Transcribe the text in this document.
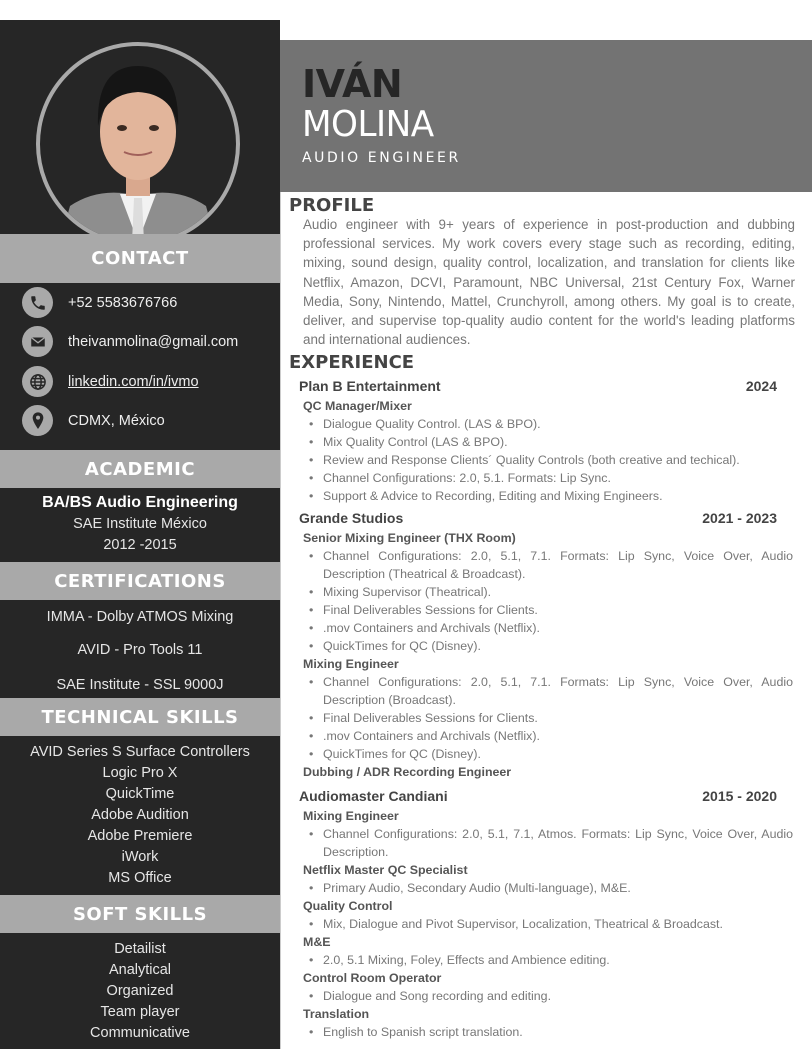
CONTACT
+52 5583676766
theivanmolina@gmail.com
linkedin.com/in/ivmo
CDMX, México
ACADEMIC
BA/BS Audio Engineering
SAE Institute México
2012 -2015
CERTIFICATIONS
IMMA - Dolby ATMOS Mixing
AVID - Pro Tools 11
SAE Institute - SSL 9000J
TECHNICAL SKILLS
AVID Series S Surface Controllers
Logic Pro X
QuickTime
Adobe Audition
Adobe Premiere
iWork
MS Office
SOFT SKILLS
Detailist
Analytical
Organized
Team player
Communicative
IVÁN
MOLINA
AUDIO ENGINEER
PROFILE
Audio engineer with 9+ years of experience in post-production and dubbing professional services. My work covers every stage such as recording, editing, mixing, sound design, quality control, localization, and translation for clients like Netflix, Amazon, DCVI, Paramount, NBC Universal, 21st Century Fox, Warner Media, Sony, Nintendo, Mattel, Crunchyroll, among others. My goal is to create, deliver, and supervise top-quality audio content for the world's leading platforms and international audiences.
EXPERIENCE
Plan B Entertainment	2024
QC Manager/Mixer
• Dialogue Quality Control. (LAS & BPO).
• Mix Quality Control (LAS & BPO).
• Review and Response Clients´ Quality Controls (both creative and techical).
• Channel Configurations: 2.0, 5.1. Formats: Lip Sync.
• Support & Advice to Recording, Editing and Mixing Engineers.
Grande Studios	2021 - 2023
Senior Mixing Engineer (THX Room)
• Channel Configurations: 2.0, 5.1, 7.1. Formats: Lip Sync, Voice Over, Audio Description (Theatrical & Broadcast).
• Mixing Supervisor (Theatrical).
• Final Deliverables Sessions for Clients.
• .mov Containers and Archivals (Netflix).
• QuickTimes for QC (Disney).
Mixing Engineer
• Channel Configurations: 2.0, 5.1, 7.1. Formats: Lip Sync, Voice Over, Audio Description (Broadcast).
• Final Deliverables Sessions for Clients.
• .mov Containers and Archivals (Netflix).
• QuickTimes for QC (Disney).
Dubbing / ADR Recording Engineer
Audiomaster Candiani	2015 - 2020
Mixing Engineer
• Channel Configurations: 2.0, 5.1, 7.1, Atmos. Formats: Lip Sync, Voice Over, Audio Description.
Netflix Master QC Specialist
• Primary Audio, Secondary Audio (Multi-language), M&E.
Quality Control
• Mix, Dialogue and Pivot Supervisor, Localization, Theatrical & Broadcast.
M&E
• 2.0, 5.1 Mixing, Foley, Effects and Ambience editing.
Control Room Operator
• Dialogue and Song recording and editing.
Translation
• English to Spanish script translation.
